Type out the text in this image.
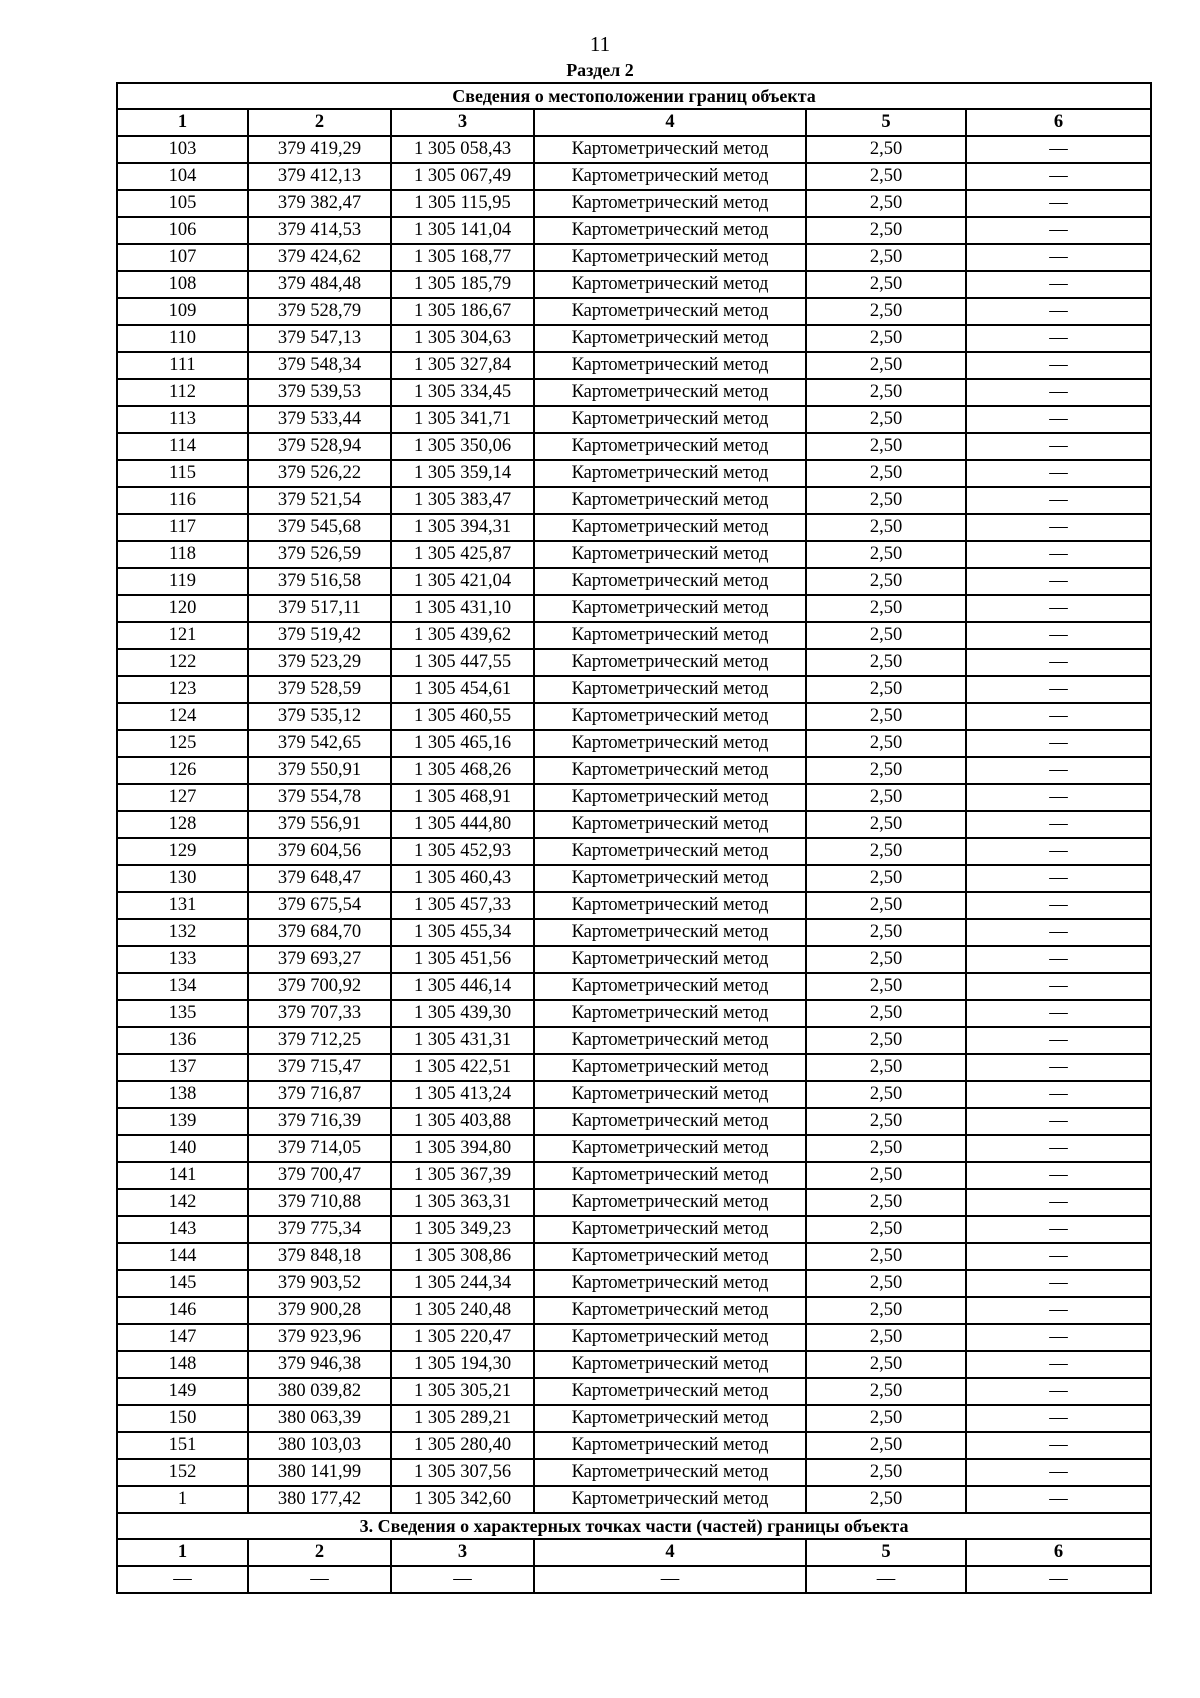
11
Раздел 2
Сведения о местоположении границ объекта					
1	2	3	4	5	6
103	379 419,29	1 305 058,43	Картометрический метод	2,50	—
104	379 412,13	1 305 067,49	Картометрический метод	2,50	—
105	379 382,47	1 305 115,95	Картометрический метод	2,50	—
106	379 414,53	1 305 141,04	Картометрический метод	2,50	—
107	379 424,62	1 305 168,77	Картометрический метод	2,50	—
108	379 484,48	1 305 185,79	Картометрический метод	2,50	—
109	379 528,79	1 305 186,67	Картометрический метод	2,50	—
110	379 547,13	1 305 304,63	Картометрический метод	2,50	—
111	379 548,34	1 305 327,84	Картометрический метод	2,50	—
112	379 539,53	1 305 334,45	Картометрический метод	2,50	—
113	379 533,44	1 305 341,71	Картометрический метод	2,50	—
114	379 528,94	1 305 350,06	Картометрический метод	2,50	—
115	379 526,22	1 305 359,14	Картометрический метод	2,50	—
116	379 521,54	1 305 383,47	Картометрический метод	2,50	—
117	379 545,68	1 305 394,31	Картометрический метод	2,50	—
118	379 526,59	1 305 425,87	Картометрический метод	2,50	—
119	379 516,58	1 305 421,04	Картометрический метод	2,50	—
120	379 517,11	1 305 431,10	Картометрический метод	2,50	—
121	379 519,42	1 305 439,62	Картометрический метод	2,50	—
122	379 523,29	1 305 447,55	Картометрический метод	2,50	—
123	379 528,59	1 305 454,61	Картометрический метод	2,50	—
124	379 535,12	1 305 460,55	Картометрический метод	2,50	—
125	379 542,65	1 305 465,16	Картометрический метод	2,50	—
126	379 550,91	1 305 468,26	Картометрический метод	2,50	—
127	379 554,78	1 305 468,91	Картометрический метод	2,50	—
128	379 556,91	1 305 444,80	Картометрический метод	2,50	—
129	379 604,56	1 305 452,93	Картометрический метод	2,50	—
130	379 648,47	1 305 460,43	Картометрический метод	2,50	—
131	379 675,54	1 305 457,33	Картометрический метод	2,50	—
132	379 684,70	1 305 455,34	Картометрический метод	2,50	—
133	379 693,27	1 305 451,56	Картометрический метод	2,50	—
134	379 700,92	1 305 446,14	Картометрический метод	2,50	—
135	379 707,33	1 305 439,30	Картометрический метод	2,50	—
136	379 712,25	1 305 431,31	Картометрический метод	2,50	—
137	379 715,47	1 305 422,51	Картометрический метод	2,50	—
138	379 716,87	1 305 413,24	Картометрический метод	2,50	—
139	379 716,39	1 305 403,88	Картометрический метод	2,50	—
140	379 714,05	1 305 394,80	Картометрический метод	2,50	—
141	379 700,47	1 305 367,39	Картометрический метод	2,50	—
142	379 710,88	1 305 363,31	Картометрический метод	2,50	—
143	379 775,34	1 305 349,23	Картометрический метод	2,50	—
144	379 848,18	1 305 308,86	Картометрический метод	2,50	—
145	379 903,52	1 305 244,34	Картометрический метод	2,50	—
146	379 900,28	1 305 240,48	Картометрический метод	2,50	—
147	379 923,96	1 305 220,47	Картометрический метод	2,50	—
148	379 946,38	1 305 194,30	Картометрический метод	2,50	—
149	380 039,82	1 305 305,21	Картометрический метод	2,50	—
150	380 063,39	1 305 289,21	Картометрический метод	2,50	—
151	380 103,03	1 305 280,40	Картометрический метод	2,50	—
152	380 141,99	1 305 307,56	Картометрический метод	2,50	—
1	380 177,42	1 305 342,60	Картометрический метод	2,50	—
3. Сведения о характерных точках части (частей) границы объекта					
1	2	3	4	5	6
—	—	—	—	—	—
